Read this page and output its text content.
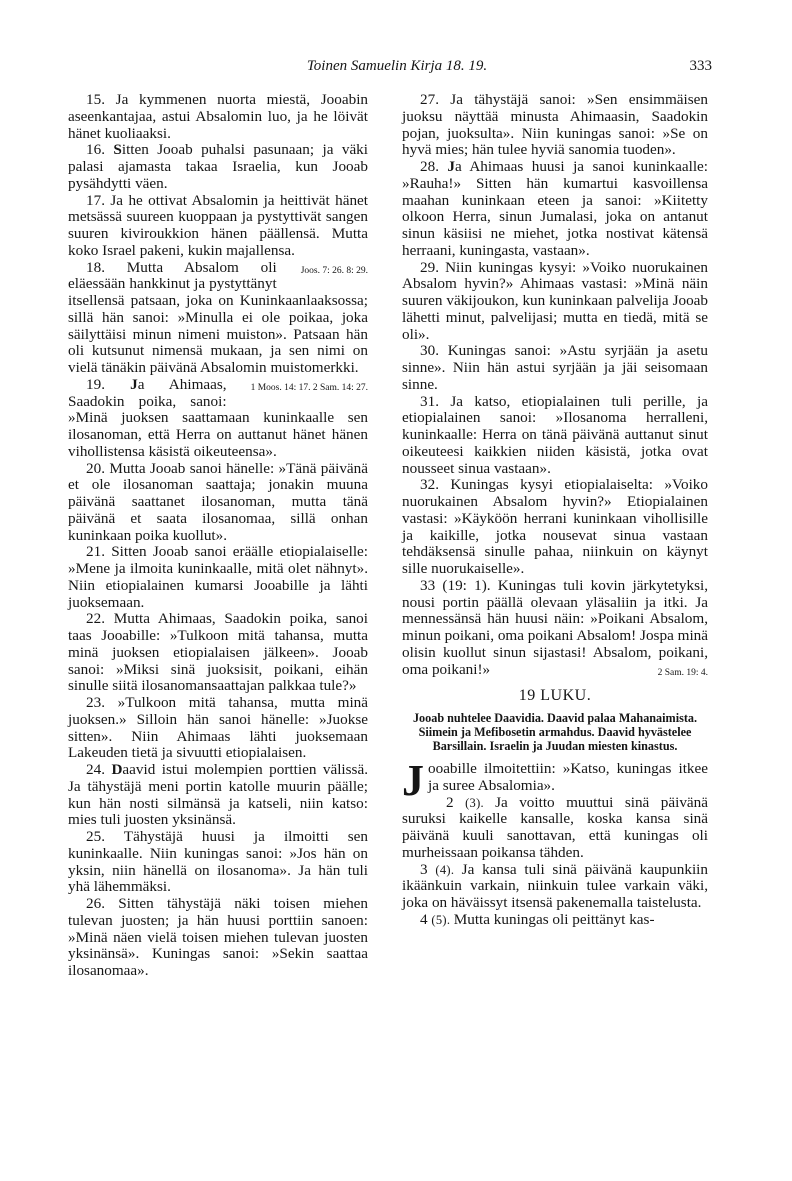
Toinen Samuelin Kirja 18. 19.	333

15. Ja kymmenen nuorta miestä, Jooabin aseenkantajaa, astui Absalomin luo, ja he löivät hänet kuoliaaksi.

16. Sitten Jooab puhalsi pasunaan; ja väki palasi ajamasta takaa Israelia, kun Jooab pysähdytti väen.

17. Ja he ottivat Absalomin ja heittivät hänet metsässä suureen kuoppaan ja pystyttivät sangen suuren kiviroukkion hänen päällensä. Mutta koko Israel pakeni, kukin majallensa.
Joos. 7: 26. 8: 29.

18. Mutta Absalom oli eläessään hankkinut ja pystyttänyt itsellensä patsaan, joka on Kuninkaanlaaksossa; sillä hän sanoi: »Minulla ei ole poikaa, joka säilyttäisi minun nimeni muiston». Patsaan hän oli kutsunut nimensä mukaan, ja sen nimi on vielä tänäkin päivänä Absalomin muistomerkki.
1 Moos. 14: 17. 2 Sam. 14: 27.

19. Ja Ahimaas, Saadokin poika, sanoi: »Minä juoksen saattamaan kuninkaalle sen ilosanoman, että Herra on auttanut hänet hänen vihollistensa käsistä oikeuteensa».

20. Mutta Jooab sanoi hänelle: »Tänä päivänä et ole ilosanoman saattaja; jonakin muuna päivänä saattanet ilosanoman, mutta tänä päivänä et saata ilosanomaa, sillä onhan kuninkaan poika kuollut».

21. Sitten Jooab sanoi eräälle etiopialaiselle: »Mene ja ilmoita kuninkaalle, mitä olet nähnyt». Niin etiopialainen kumarsi Jooabille ja lähti juoksemaan.

22. Mutta Ahimaas, Saadokin poika, sanoi taas Jooabille: »Tulkoon mitä tahansa, mutta minä juoksen etiopialaisen jälkeen». Jooab sanoi: »Miksi sinä juoksisit, poikani, eihän sinulle siitä ilosanomansaattajan palkkaa tule?»

23. »Tulkoon mitä tahansa, mutta minä juoksen.» Silloin hän sanoi hänelle: »Juokse sitten». Niin Ahimaas lähti juoksemaan Lakeuden tietä ja sivuutti etiopialaisen.

24. Daavid istui molempien porttien välissä. Ja tähystäjä meni portin katolle muurin päälle; kun hän nosti silmänsä ja katseli, niin katso: mies tuli juosten yksinänsä.

25. Tähystäjä huusi ja ilmoitti sen kuninkaalle. Niin kuningas sanoi: »Jos hän on yksin, niin hänellä on ilosanoma». Ja hän tuli yhä lähemmäksi.

26. Sitten tähystäjä näki toisen miehen tulevan juosten; ja hän huusi porttiin sanoen: »Minä näen vielä toisen miehen tulevan juosten yksinänsä». Kuningas sanoi: »Sekin saattaa ilosanomaa».

27. Ja tähystäjä sanoi: »Sen ensimmäisen juoksu näyttää minusta Ahimaasin, Saadokin pojan, juoksulta». Niin kuningas sanoi: »Se on hyvä mies; hän tulee hyviä sanomia tuoden».

28. Ja Ahimaas huusi ja sanoi kuninkaalle: »Rauha!» Sitten hän kumartui kasvoillensa maahan kuninkaan eteen ja sanoi: »Kiitetty olkoon Herra, sinun Jumalasi, joka on antanut sinun käsiisi ne miehet, jotka nostivat kätensä herraani, kuningasta, vastaan».

29. Niin kuningas kysyi: »Voiko nuorukainen Absalom hyvin?» Ahimaas vastasi: »Minä näin suuren väkijoukon, kun kuninkaan palvelija Jooab lähetti minut, palvelijasi; mutta en tiedä, mitä se oli».

30. Kuningas sanoi: »Astu syrjään ja asetu sinne». Niin hän astui syrjään ja jäi seisomaan sinne.

31. Ja katso, etiopialainen tuli perille, ja etiopialainen sanoi: »Ilosanoma herralleni, kuninkaalle: Herra on tänä päivänä auttanut sinut oikeuteesi kaikkien niiden käsistä, jotka ovat nousseet sinua vastaan».

32. Kuningas kysyi etiopialaiselta: »Voiko nuorukainen Absalom hyvin?» Etiopialainen vastasi: »Käyköön herrani kuninkaan vihollisille ja kaikille, jotka nousevat sinua vastaan tehdäksensä sinulle pahaa, niinkuin on käynyt sille nuorukaiselle».

33 (19: 1). Kuningas tuli kovin järkytetyksi, nousi portin päällä olevaan yläsaliin ja itki. Ja mennessänsä hän huusi näin: »Poikani Absalom, minun poikani, oma poikani Absalom! Jospa minä olisin kuollut sinun sijastasi! Absalom, poikani, oma poikani!»	2 Sam. 19: 4.

19 LUKU.
Jooab nuhtelee Daavidia. Daavid palaa Mahanaimista. Siimein ja Mefibosetin armahdus. Daavid hyvästelee Barsillain. Israelin ja Juudan miesten kinastus.

Jooabille ilmoitettiin: »Katso, kuningas itkee ja suree Absalomia».

2 (3). Ja voitto muuttui sinä päivänä suruksi kaikelle kansalle, koska kansa sinä päivänä kuuli sanottavan, että kuningas oli murheissaan poikansa tähden.

3 (4). Ja kansa tuli sinä päivänä kaupunkiin ikäänkuin varkain, niinkuin tulee varkain väki, joka on häväissyt itsensä pakenemalla taistelusta.

4 (5). Mutta kuningas oli peittänyt kas-
